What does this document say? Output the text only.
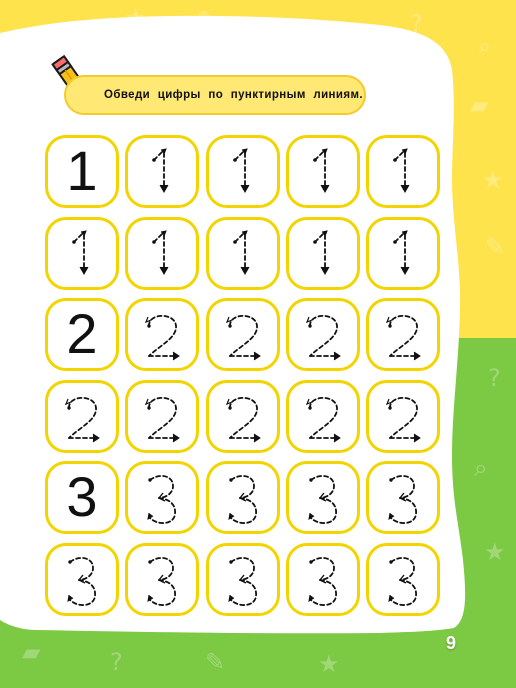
?
⌕
▰
★
✎
?
⌕
★
▰	?	✎	★
Обведи цифры по пунктирным линиям.
1
2
3
9
